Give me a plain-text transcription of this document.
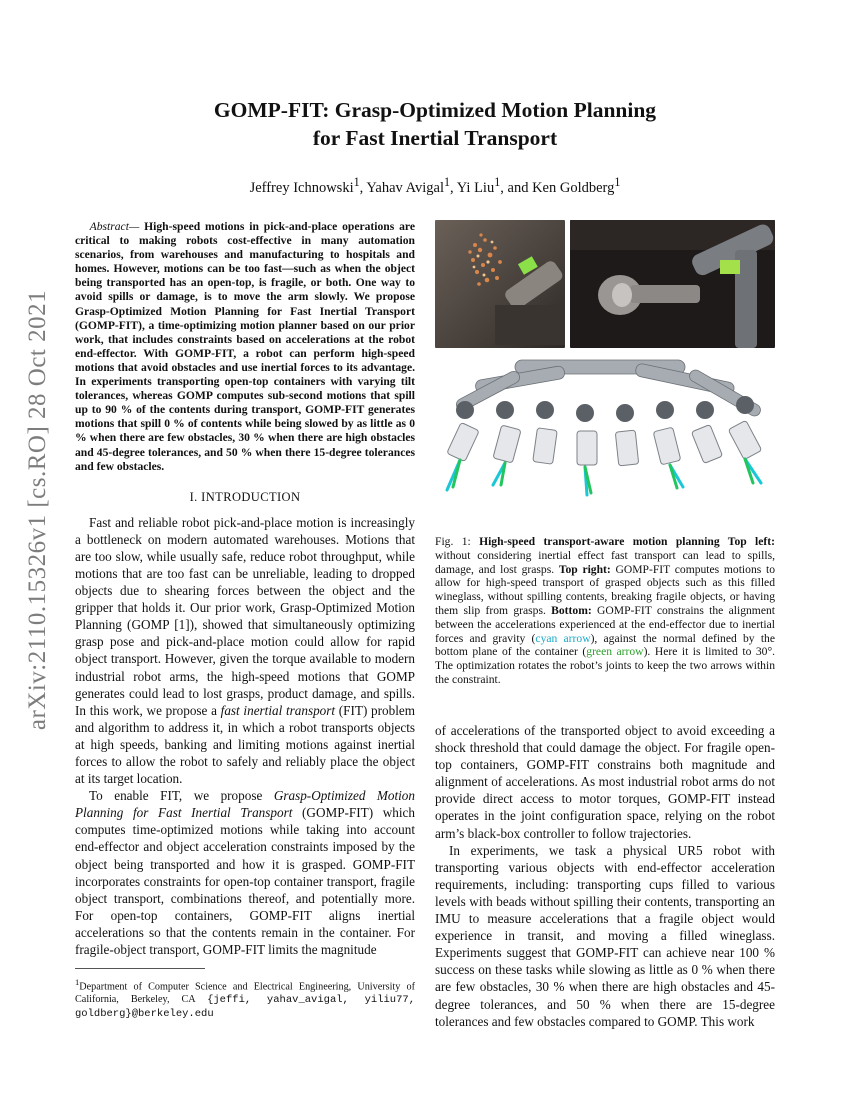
arXiv:2110.15326v1 [cs.RO] 28 Oct 2021
GOMP-FIT: Grasp-Optimized Motion Planning
for Fast Inertial Transport
Jeffrey Ichnowski$^1$, Yahav Avigal$^1$, Yi Liu$^1$, and Ken Goldberg$^1$

Abstract— High-speed motions in pick-and-place operations are critical to making robots cost-effective in many automation scenarios, from warehouses and manufacturing to hospitals and homes. However, motions can be too fast—such as when the object being transported has an open-top, is fragile, or both. One way to avoid spills or damage, is to move the arm slowly. We propose Grasp-Optimized Motion Planning for Fast Inertial Transport (GOMP-FIT), a time-optimizing motion planner based on our prior work, that includes constraints based on accelerations at the robot end-effector. With GOMP-FIT, a robot can perform high-speed motions that avoid obstacles and use inertial forces to its advantage. In experiments transporting open-top containers with varying tilt tolerances, whereas GOMP computes sub-second motions that spill up to 90 % of the contents during transport, GOMP-FIT generates motions that spill 0 % of contents while being slowed by as little as 0 % when there are few obstacles, 30 % when there are high obstacles and 45-degree tolerances, and 50 % when there 15-degree tolerances and few obstacles.

I. INTRODUCTION

Fast and reliable robot pick-and-place motion is increasingly a bottleneck on modern automated warehouses. Motions that are too slow, while usually safe, reduce robot throughput, while motions that are too fast can be unreliable, leading to dropped objects due to shearing forces between the object and the gripper that holds it. Our prior work, Grasp-Optimized Motion Planning (GOMP [1]), showed that simultaneously optimizing grasp pose and pick-and-place motion could allow for rapid object transport. However, given the torque available to modern industrial robot arms, the high-speed motions that GOMP generates could lead to lost grasps, product damage, and spills. In this work, we propose a fast inertial transport (FIT) problem and algorithm to address it, in which a robot transports objects at high speeds, banking and limiting motions against inertial forces to allow the robot to safely and reliably place the object at its target location.

To enable FIT, we propose Grasp-Optimized Motion Planning for Fast Inertial Transport (GOMP-FIT) which computes time-optimized motions while taking into account end-effector and object acceleration constraints imposed by the object being transported and how it is grasped. GOMP-FIT incorporates constraints for open-top container transport, fragile object transport, combinations thereof, and potentially more. For open-top containers, GOMP-FIT aligns inertial accelerations so that the contents remain in the container. For fragile-object transport, GOMP-FIT limits the magnitude

$^1$Department of Computer Science and Electrical Engineering, University of California, Berkeley, CA {jeffi, yahav_avigal, yiliu77, goldberg}@berkeley.edu
Fig. 1: High-speed transport-aware motion planning Top left: without considering inertial effect fast transport can lead to spills, damage, and lost grasps. Top right: GOMP-FIT computes motions to allow for high-speed transport of grasped objects such as this filled wineglass, without spilling contents, breaking fragile objects, or having them slip from grasps. Bottom: GOMP-FIT constrains the alignment between the accelerations experienced at the end-effector due to inertial forces and gravity (cyan arrow), against the normal defined by the bottom plane of the container (green arrow). Here it is limited to 30°. The optimization rotates the robot’s joints to keep the two arrows within the constraint.

of accelerations of the transported object to avoid exceeding a shock threshold that could damage the object. For fragile open-top containers, GOMP-FIT constrains both magnitude and alignment of accelerations. As most industrial robot arms do not provide direct access to motor torques, GOMP-FIT instead operates in the joint configuration space, relying on the robot arm’s black-box controller to follow trajectories.

In experiments, we task a physical UR5 robot with transporting various objects with end-effector acceleration requirements, including: transporting cups filled to various levels with beads without spilling their contents, transporting an IMU to measure accelerations that a fragile object would experience in transit, and moving a filled wineglass. Experiments suggest that GOMP-FIT can achieve near 100 % success on these tasks while slowing as little as 0 % when there are few obstacles, 30 % when there are high obstacles and 45-degree tolerances, and 50 % when there are 15-degree tolerances and few obstacles compared to GOMP. This work
